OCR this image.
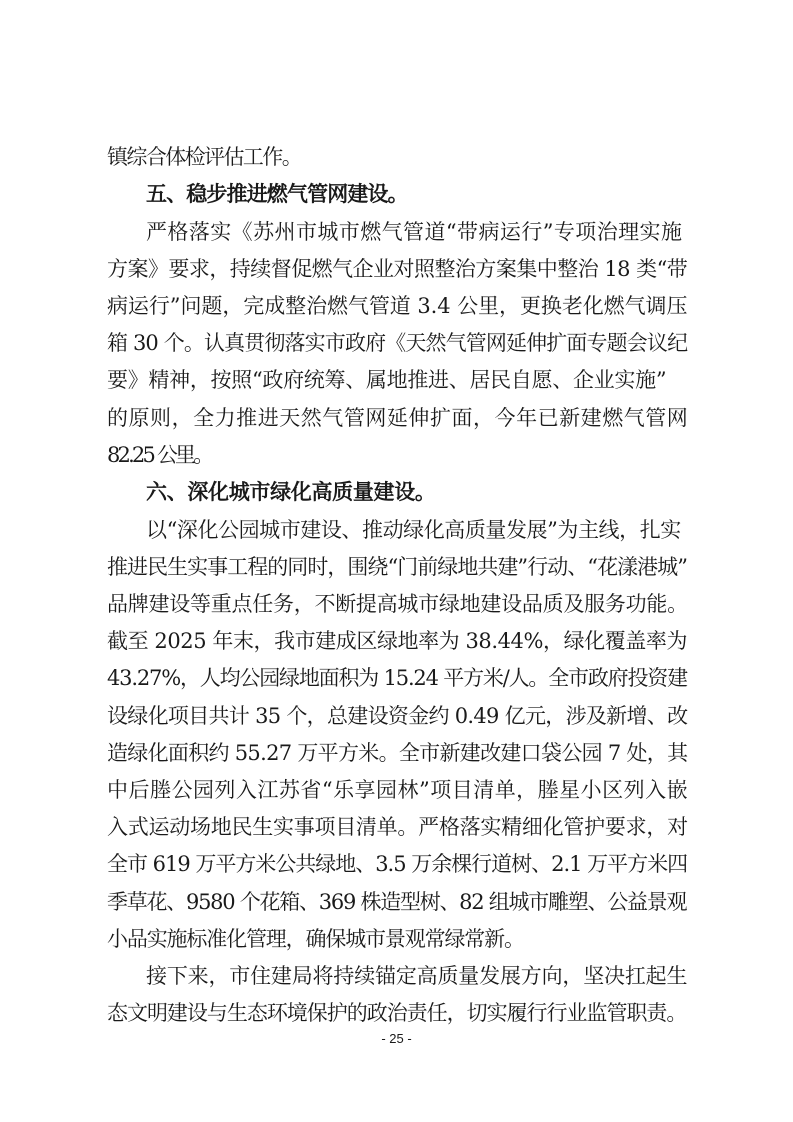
镇综合体检评估工作。
五、稳步推进燃气管网建设。
严格落实《苏州市城市燃气管道“带病运行”专项治理实施
方案》要求，持续督促燃气企业对照整治方案集中整治 18 类“带
病运行”问题，完成整治燃气管道 3.4 公里，更换老化燃气调压
箱 30 个。认真贯彻落实市政府《天然气管网延伸扩面专题会议纪
要》精神，按照“政府统筹、属地推进、居民自愿、企业实施”
的原则，全力推进天然气管网延伸扩面，今年已新建燃气管网
82.25 公里。
六、深化城市绿化高质量建设。
以“深化公园城市建设、推动绿化高质量发展”为主线，扎实
推进民生实事工程的同时，围绕“门前绿地共建”行动、“花漾港城”
品牌建设等重点任务，不断提高城市绿地建设品质及服务功能。
截至 2025 年末，我市建成区绿地率为 38.44%，绿化覆盖率为
43.27%，人均公园绿地面积为 15.24 平方米/人。全市政府投资建
设绿化项目共计 35 个，总建设资金约 0.49 亿元，涉及新增、改
造绿化面积约 55.27 万平方米。全市新建改建口袋公园 7 处，其
中后塍公园列入江苏省“乐享园林”项目清单，塍星小区列入嵌
入式运动场地民生实事项目清单。严格落实精细化管护要求，对
全市 619 万平方米公共绿地、3.5 万余棵行道树、2.1 万平方米四
季草花、9580 个花箱、369 株造型树、82 组城市雕塑、公益景观
小品实施标准化管理，确保城市景观常绿常新。
接下来，市住建局将持续锚定高质量发展方向，坚决扛起生
态文明建设与生态环境保护的政治责任，切实履行行业监管职责。
- 25 -
